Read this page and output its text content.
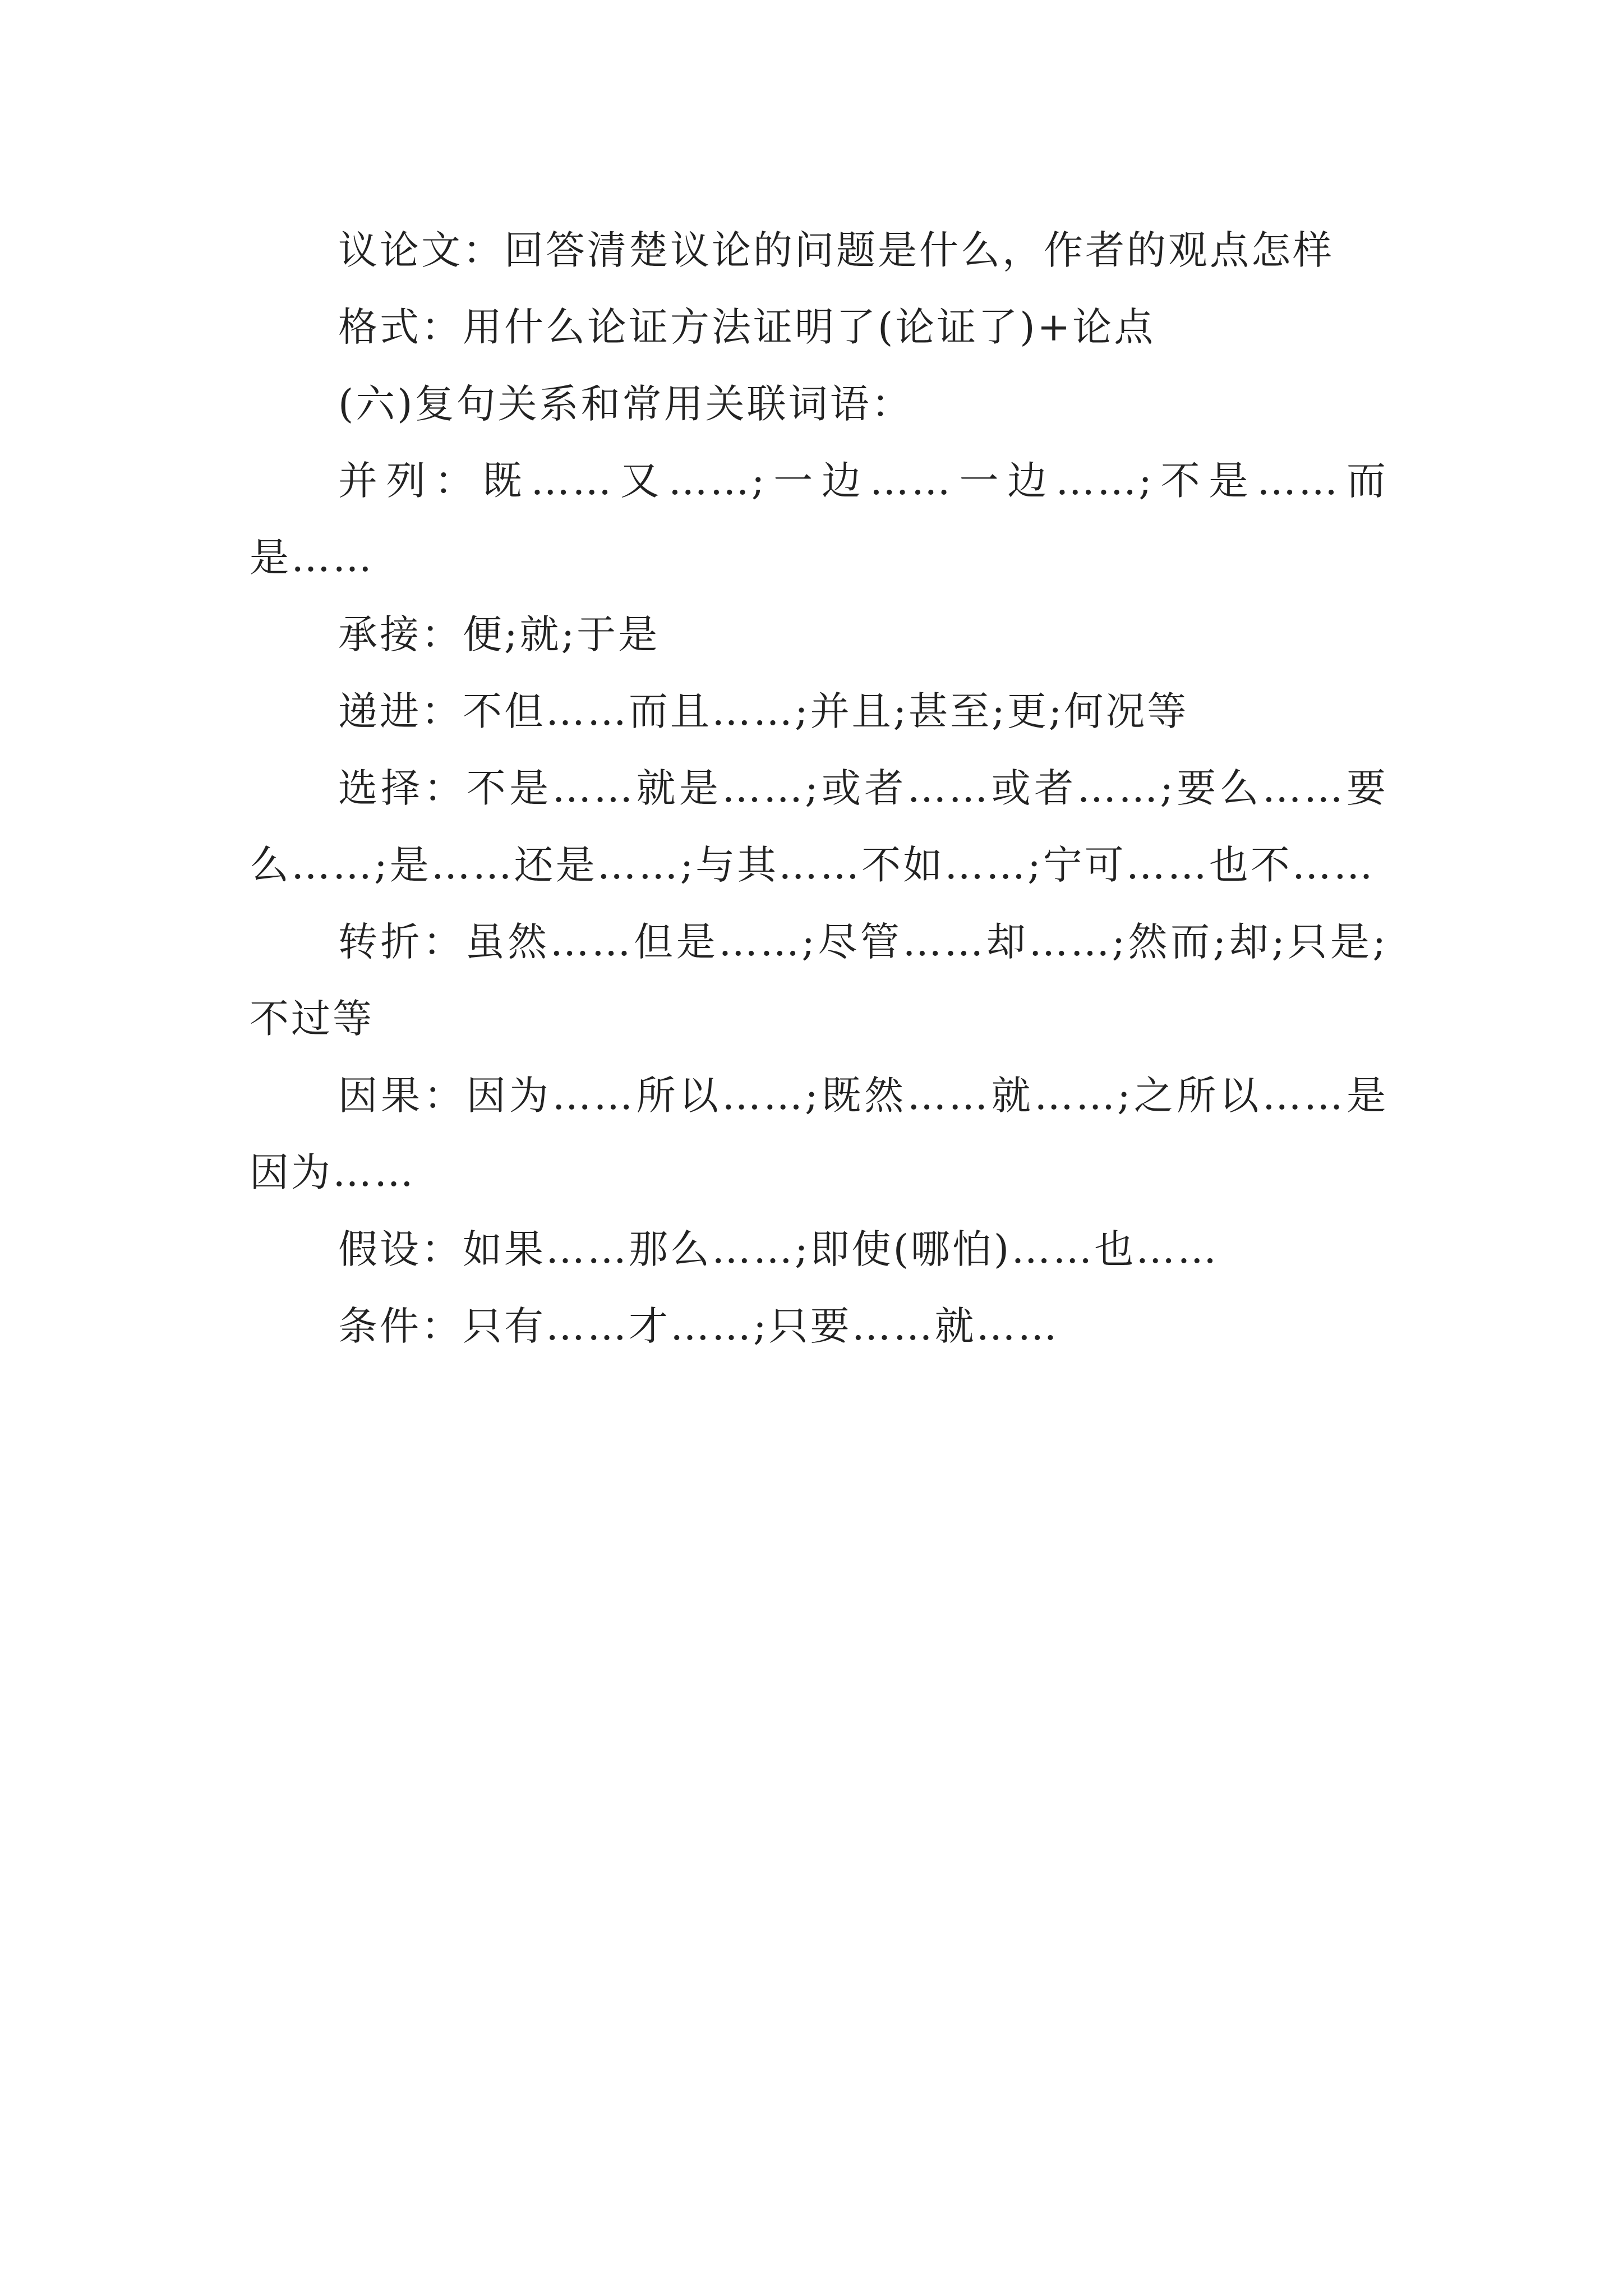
议论文：回答清楚议论的问题是什么，作者的观点怎样

格式：用什么论证方法证明了(论证了)+论点

(六)复句关系和常用关联词语：

并列：既……又……;一边……一边……;不是……而是……

承接：便;就;于是

递进：不但……而且……;并且;甚至;更;何况等

选择：不是……就是……;或者……或者……;要么……要么……;是……还是……;与其……不如……;宁可……也不……

转折：虽然……但是……;尽管……却……;然而;却;只是;不过等

因果：因为……所以……;既然……就……;之所以……是因为……

假设：如果……那么……;即使(哪怕)……也……

条件：只有……才……;只要……就……
